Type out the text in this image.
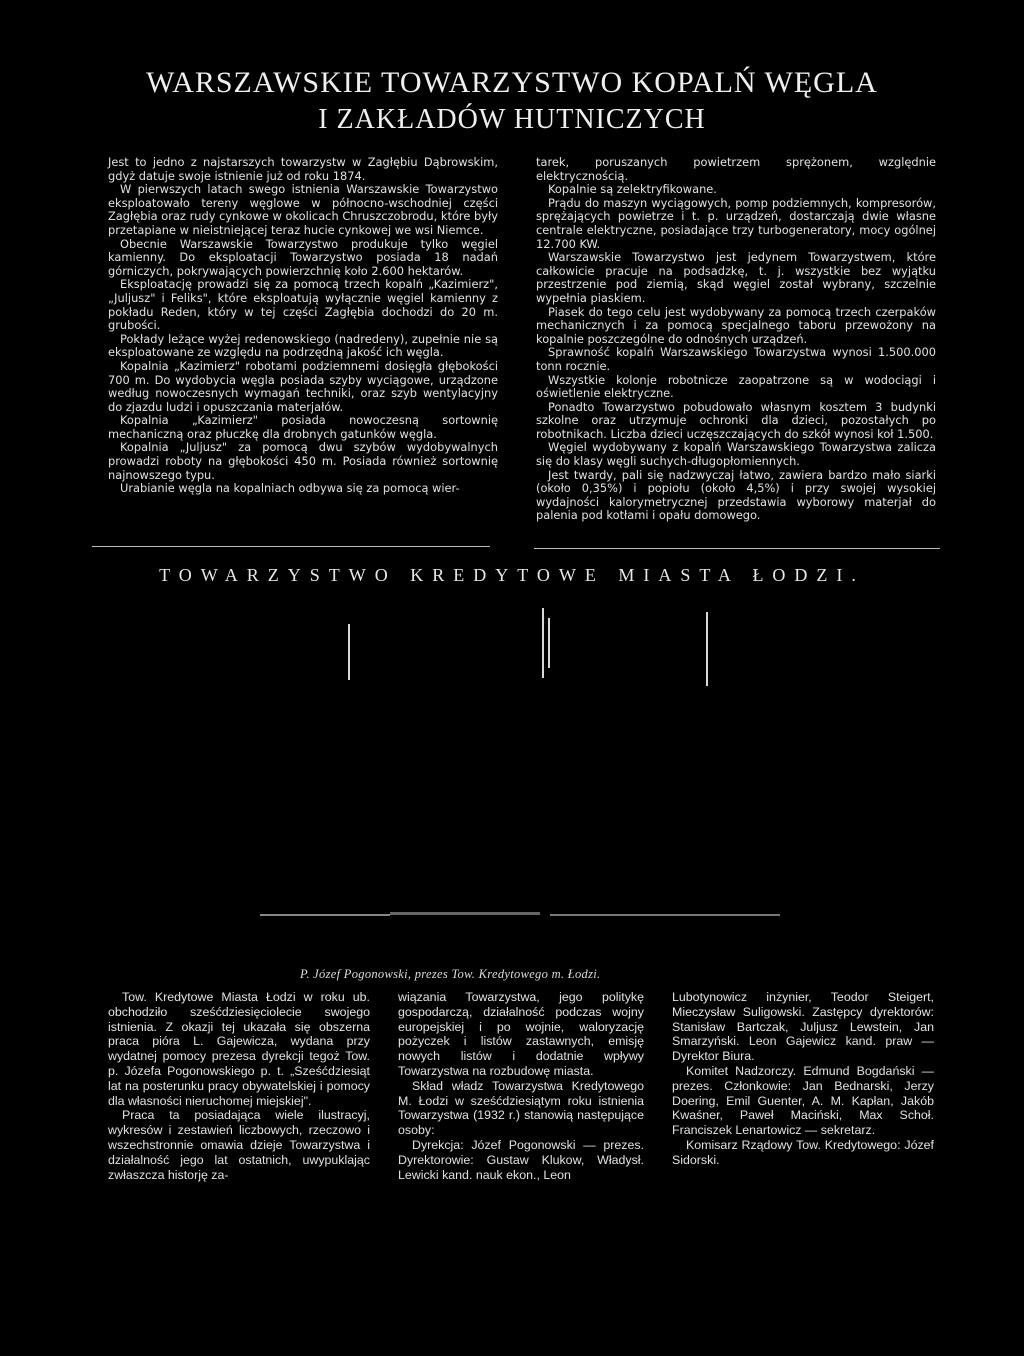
WARSZAWSKIE TOWARZYSTWO KOPALŃ WĘGLA
I ZAKŁADÓW HUTNICZYCH

Jest to jedno z najstarszych towarzystw w Zagłębiu Dąbrowskim, gdyż datuje swoje istnienie już od roku 1874.

W pierwszych latach swego istnienia Warszawskie Towarzystwo eksploatowało tereny węglowe w północno-wschodniej części Zagłębia oraz rudy cynkowe w okolicach Chruszczobrodu, które były przetapiane w nieistniejącej teraz hucie cynkowej we wsi Niemce.

Obecnie Warszawskie Towarzystwo produkuje tylko węgiel kamienny. Do eksploatacji Towarzystwo posiada 18 nadań górniczych, pokrywających powierzchnię koło 2.600 hektarów.

Eksploatację prowadzi się za pomocą trzech kopalń „Kazimierz", „Juljusz" i Feliks", które eksploatują wyłącznie węgiel kamienny z pokładu Reden, który w tej części Zagłębia dochodzi do 20 m. grubości.

Pokłady leżące wyżej redenowskiego (nadredeny), zupełnie nie są eksploatowane ze względu na podrzędną jakość ich węgla.

Kopalnia „Kazimierz" robotami podziemnemi dosięgła głębokości 700 m. Do wydobycia węgla posiada szyby wyciągowe, urządzone według nowoczesnych wymagań techniki, oraz szyb wentylacyjny do zjazdu ludzi i opuszczania materjałów.

Kopalnia „Kazimierz" posiada nowoczesną sortownię mechaniczną oraz płuczkę dla drobnych gatunków węgla.

Kopalnia „Juljusz" za pomocą dwu szybów wydobywalnych prowadzi roboty na głębokości 450 m. Posiada również sortownię najnowszego typu.

Urabianie węgla na kopalniach odbywa się za pomocą wier-

tarek, poruszanych powietrzem sprężonem, względnie elektrycznością.

Kopalnie są zelektryfikowane.

Prądu do maszyn wyciągowych, pomp podziemnych, kompresorów, sprężających powietrze i t. p. urządzeń, dostarczają dwie własne centrale elektryczne, posiadające trzy turbogeneratory, mocy ogólnej 12.700 KW.

Warszawskie Towarzystwo jest jedynem Towarzystwem, które całkowicie pracuje na podsadzkę, t. j. wszystkie bez wyjątku przestrzenie pod ziemią, skąd węgiel został wybrany, szczelnie wypełnia piaskiem.

Piasek do tego celu jest wydobywany za pomocą trzech czerpaków mechanicznych i za pomocą specjalnego taboru przewożony na kopalnie poszczególne do odnośnych urządzeń.

Sprawność kopalń Warszawskiego Towarzystwa wynosi 1.500.000 tonn rocznie.

Wszystkie kolonje robotnicze zaopatrzone są w wodociągi i oświetlenie elektryczne.

Ponadto Towarzystwo pobudowało własnym kosztem 3 budynki szkolne oraz utrzymuje ochronki dla dzieci, pozostałych po robotnikach. Liczba dzieci uczęszczających do szkół wynosi koł 1.500.

Węgiel wydobywany z kopalń Warszawskiego Towarzystwa zalicza się do klasy węgli suchych-długopłomiennych.

Jest twardy, pali się nadzwyczaj łatwo, zawiera bardzo mało siarki (około 0,35%) i popiołu (około 4,5%) i przy swojej wysokiej wydajności kalorymetrycznej przedstawia wyborowy materjał do palenia pod kotłami i opału domowego.

TOWARZYSTWO KREDYTOWE MIASTA ŁODZI.
P. Józef Pogonowski, prezes Tow. Kredytowego m. Łodzi.

Tow. Kredytowe Miasta Łodzi w roku ub. obchodziło sześćdziesięciolecie swojego istnienia. Z okazji tej ukazała się obszerna praca pióra L. Gajewicza, wydana przy wydatnej pomocy prezesa dyrekcji tegoż Tow. p. Józefa Pogonowskiego p. t. „Sześćdziesiąt lat na posterunku pracy obywatelskiej i pomocy dla własności nieruchomej miejskiej".

Praca ta posiadająca wiele ilustracyj, wykresów i zestawień liczbowych, rzeczowo i wszechstronnie omawia dzieje Towarzystwa i działalność jego lat ostatnich, uwypuklając zwłaszcza historję za-

wiązania Towarzystwa, jego politykę gospodarczą, działalność podczas wojny europejskiej i po wojnie, waloryzację pożyczek i listów zastawnych, emisję nowych listów i dodatnie wpływy Towarzystwa na rozbudowę miasta.

Skład władz Towarzystwa Kredytowego M. Łodzi w sześćdziesiątym roku istnienia Towarzystwa (1932 r.) stanowią następujące osoby:

Dyrekcja: Józef Pogonowski — prezes. Dyrektorowie: Gustaw Klukow, Władysł. Lewicki kand. nauk ekon., Leon

Lubotynowicz inżynier, Teodor Steigert, Mieczysław Suligowski. Zastępcy dyrektorów: Stanisław Bartczak, Juljusz Lewstein, Jan Smarzyński. Leon Gajewicz kand. praw — Dyrektor Biura.

Komitet Nadzorczy. Edmund Bogdański — prezes. Członkowie: Jan Bednarski, Jerzy Doering, Emil Guenter, A. M. Kapłan, Jakób Kwaśner, Paweł Maciński, Max Schoł. Franciszek Lenartowicz — sekretarz.

Komisarz Rządowy Tow. Kredytowego: Józef Sidorski.
